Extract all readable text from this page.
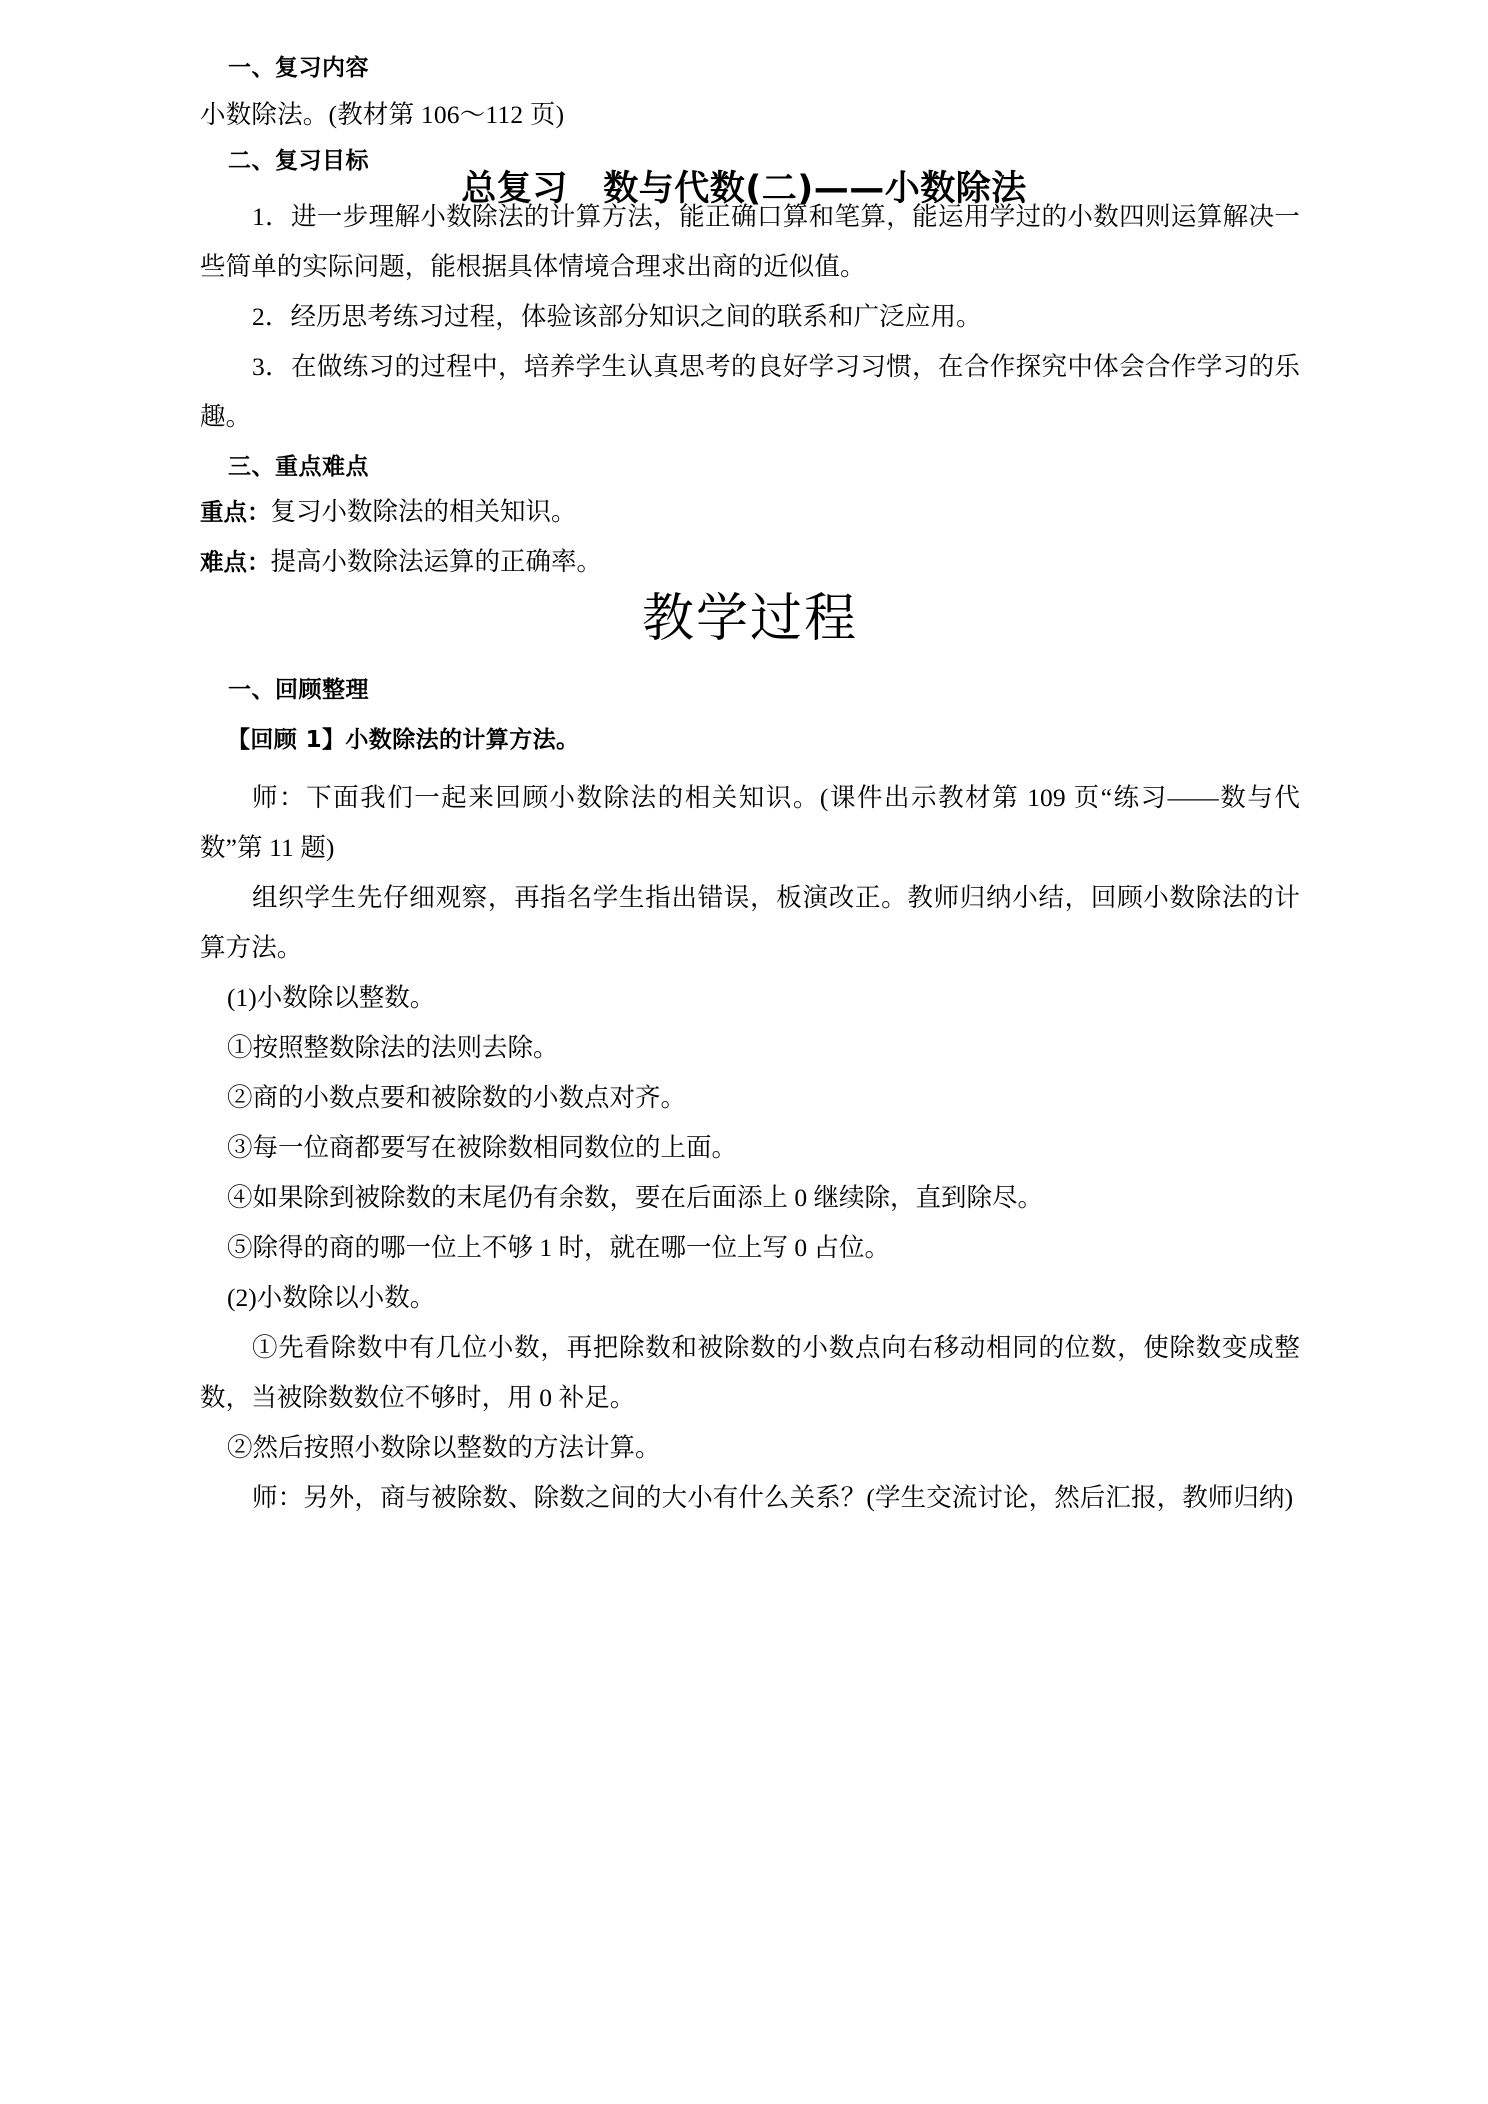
总复习　数与代数(二)——小数除法
一、复习内容
小数除法。(教材第 106～112 页)
二、复习目标
1．进一步理解小数除法的计算方法，能正确口算和笔算，能运用学过的小数四则运算解决一些简单的实际问题，能根据具体情境合理求出商的近似值。
2．经历思考练习过程，体验该部分知识之间的联系和广泛应用。
3．在做练习的过程中，培养学生认真思考的良好学习习惯，在合作探究中体会合作学习的乐趣。
三、重点难点
重点：复习小数除法的相关知识。
难点：提高小数除法运算的正确率。
教学过程
一、回顾整理
【回顾 1】小数除法的计算方法。
师：下面我们一起来回顾小数除法的相关知识。(课件出示教材第 109 页“练习——数与代数”第 11 题)
组织学生先仔细观察，再指名学生指出错误，板演改正。教师归纳小结，回顾小数除法的计算方法。
(1)小数除以整数。
①按照整数除法的法则去除。
②商的小数点要和被除数的小数点对齐。
③每一位商都要写在被除数相同数位的上面。
④如果除到被除数的末尾仍有余数，要在后面添上 0 继续除，直到除尽。
⑤除得的商的哪一位上不够 1 时，就在哪一位上写 0 占位。
(2)小数除以小数。
①先看除数中有几位小数，再把除数和被除数的小数点向右移动相同的位数，使除数变成整数，当被除数数位不够时，用 0 补足。
②然后按照小数除以整数的方法计算。
师：另外，商与被除数、除数之间的大小有什么关系？(学生交流讨论，然后汇报，教师归纳)
